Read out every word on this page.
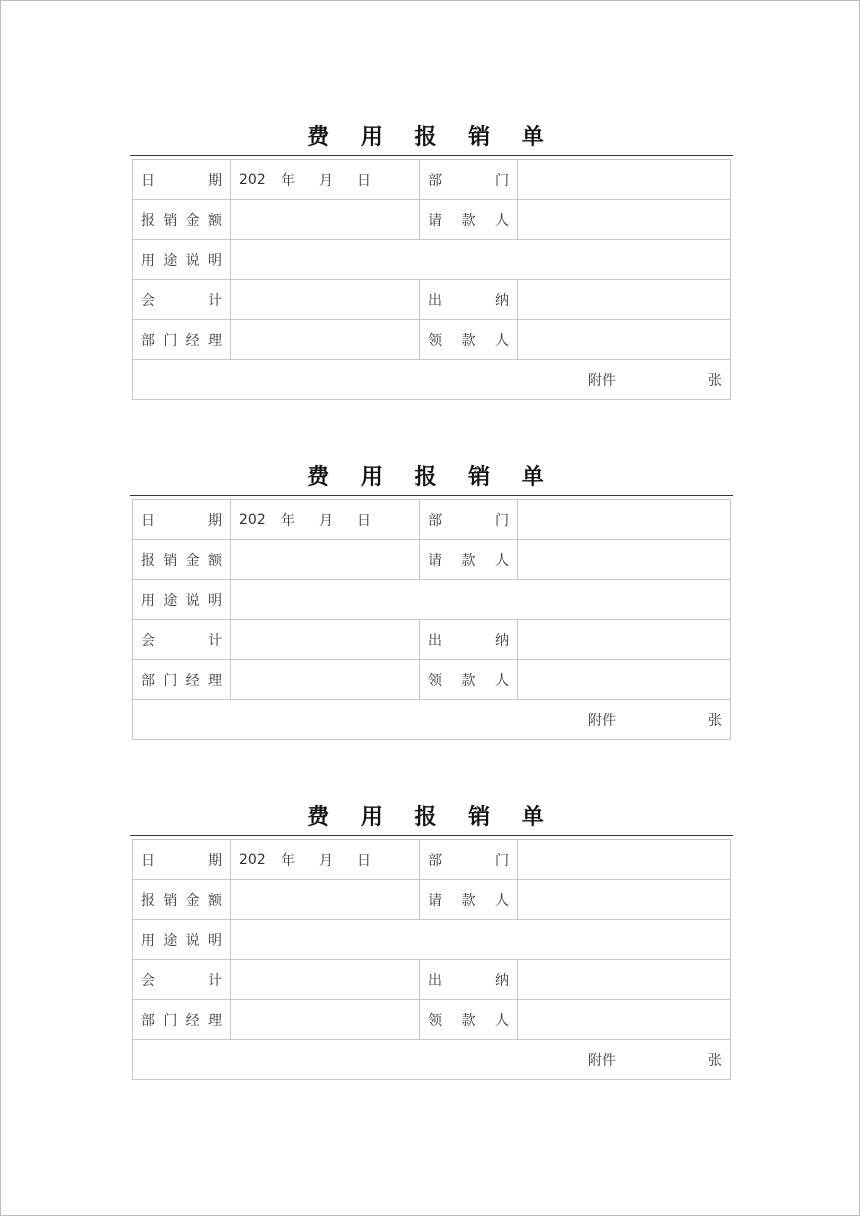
费 用 报 销 单
日 期	202 年 月 日	部 门	

报 销 金 额		请 款 人	

用 途 说 明			

会 计		出 纳	

部 门 经 理		领 款 人	

附件 张			
费 用 报 销 单
日 期	202 年 月 日	部 门	

报 销 金 额		请 款 人	

用 途 说 明			

会 计		出 纳	

部 门 经 理		领 款 人	

附件 张			
费 用 报 销 单
日 期	202 年 月 日	部 门	

报 销 金 额		请 款 人	

用 途 说 明			

会 计		出 纳	

部 门 经 理		领 款 人	

附件 张			
